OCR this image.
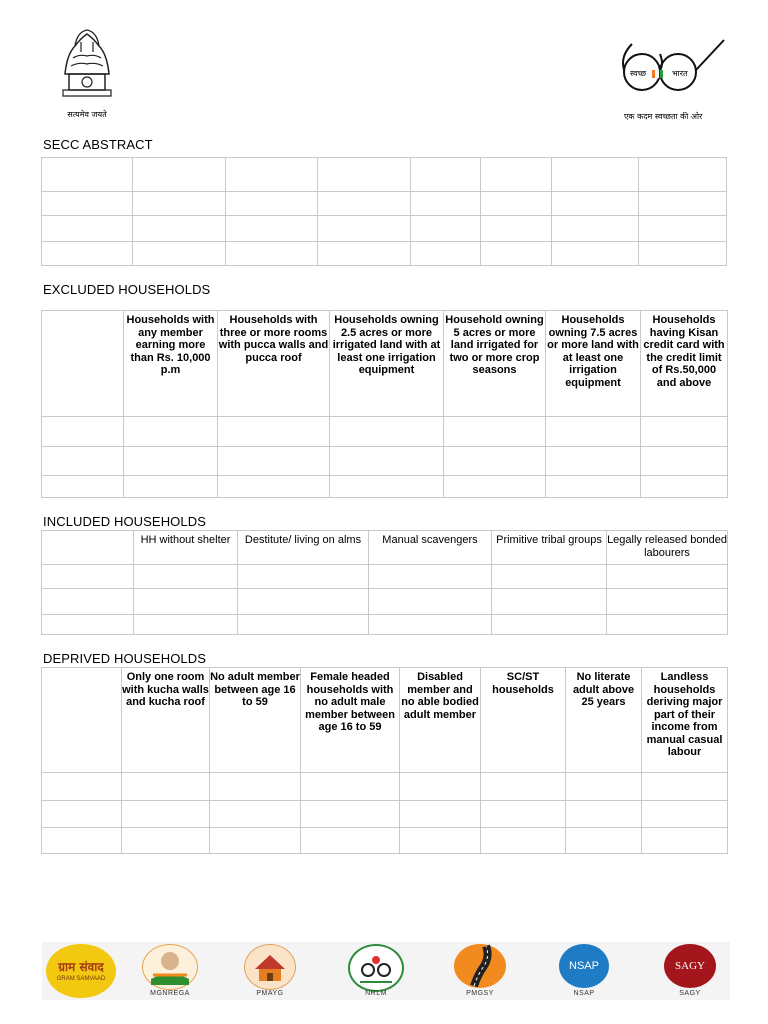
सत्यमेव जयते
स्वच्छ	भारत
एक कदम स्वच्छता की ओर
SECC ABSTRACT

EXCLUDED HOUSEHOLDS

	Households with any member earning more than Rs. 10,000 p.m	Households with three or more rooms with pucca walls and pucca roof	Households owning 2.5 acres or more irrigated land with at least one irrigation equipment	Household owning 5 acres or more land irrigated for two or more crop seasons	Households owning 7.5 acres or more land with at least one irrigation equipment	Households having Kisan credit card with the credit limit of Rs.50,000 and above

INCLUDED HOUSEHOLDS

	HH without shelter	Destitute/ living on alms	Manual scavengers	Primitive tribal groups	Legally released bonded labourers

DEPRIVED HOUSEHOLDS

	Only one room with kucha walls and kucha roof	No adult member between age 16 to 59	Female headed households with no adult male member between age 16 to 59	Disabled member and no able bodied adult member	SC/ST households	No literate adult above 25 years	Landless households deriving major part of their income from manual casual labour

ग्राम संवाद
GRAM SAMVAAD
MGNREGA	PMAYG	NRLM	PMGSY
NSAP
NSAP
SAGY
SAGY
